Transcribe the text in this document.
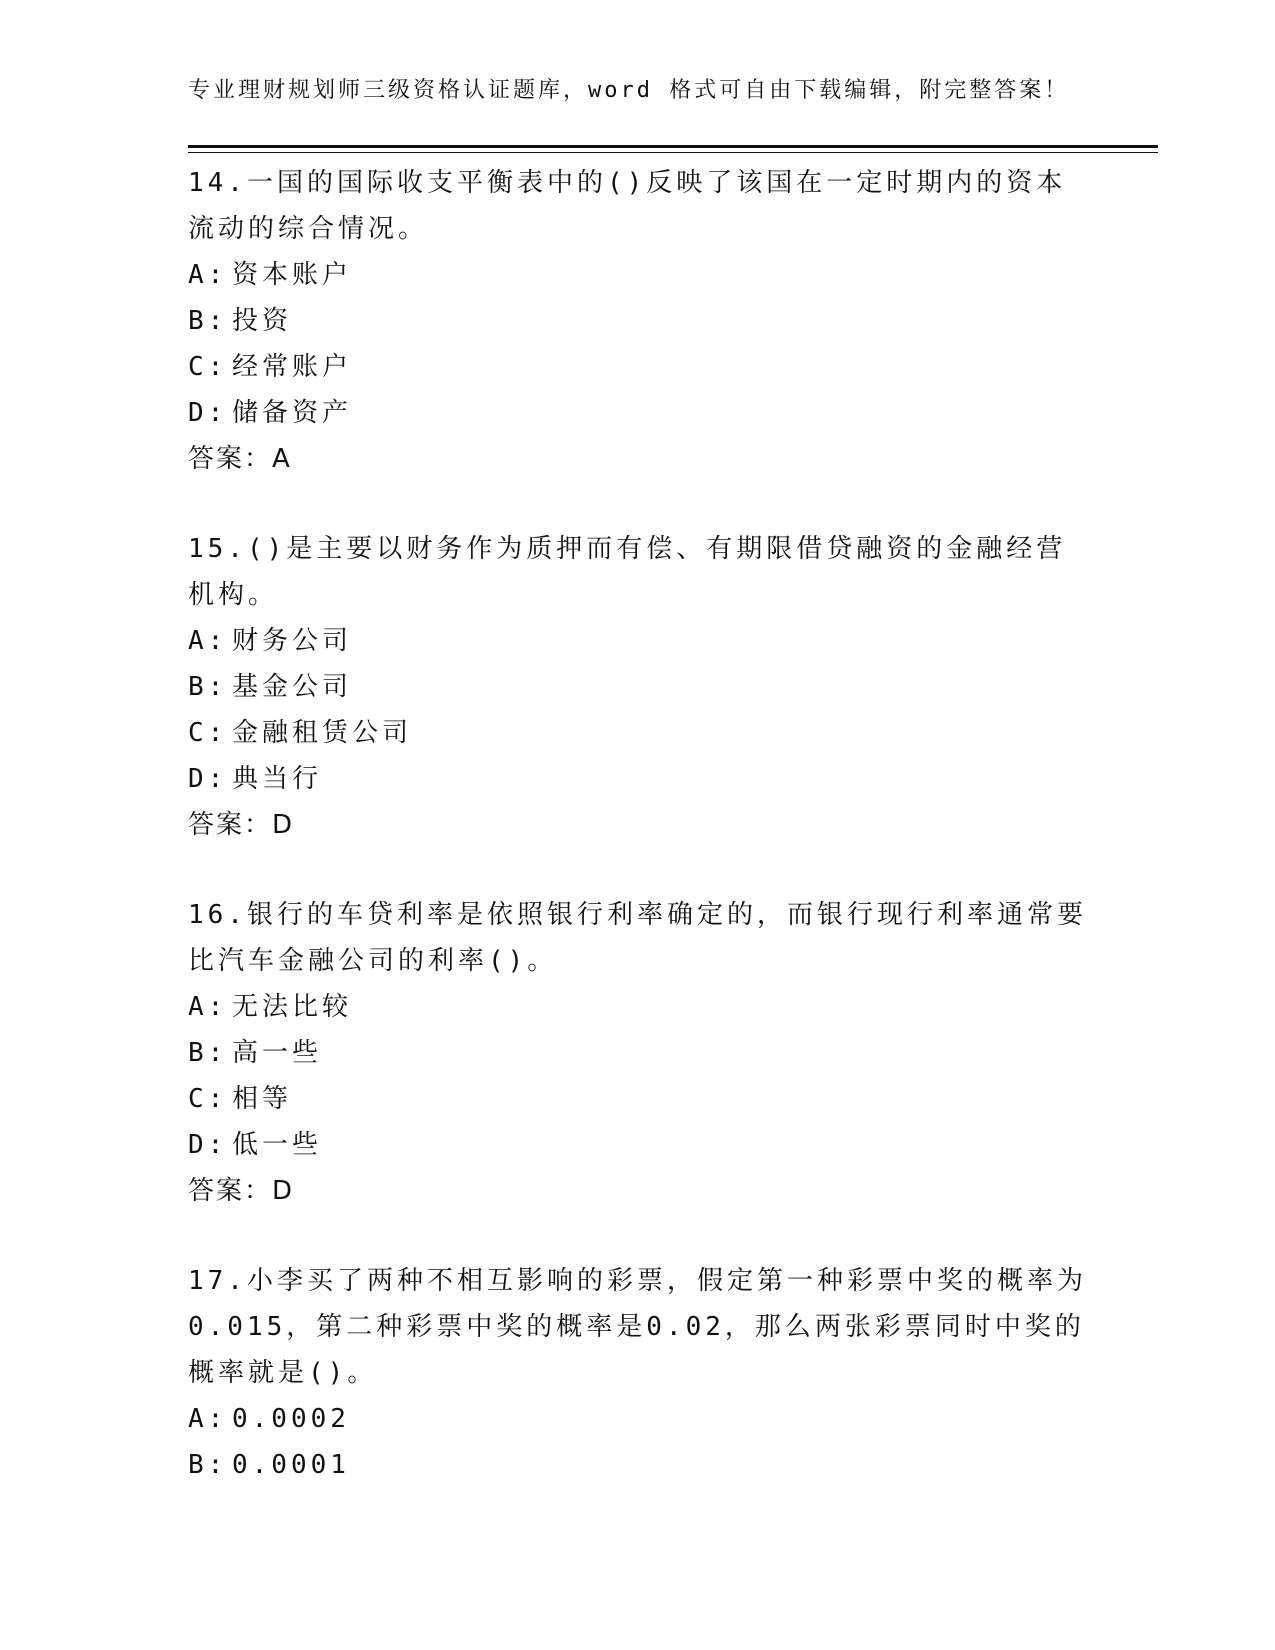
专业理财规划师三级资格认证题库，word 格式可自由下载编辑，附完整答案！

14.一国的国际收支平衡表中的()反映了该国在一定时期内的资本流动的综合情况。

A: 资本账户

B: 投资

C: 经常账户

D: 储备资产

答案：A

15.()是主要以财务作为质押而有偿、有期限借贷融资的金融经营机构。

A: 财务公司

B: 基金公司

C: 金融租赁公司

D: 典当行

答案：D

16.银行的车贷利率是依照银行利率确定的，而银行现行利率通常要比汽车金融公司的利率()。

A: 无法比较

B: 高一些

C: 相等

D: 低一些

答案：D

17.小李买了两种不相互影响的彩票，假定第一种彩票中奖的概率为0.015，第二种彩票中奖的概率是0.02，那么两张彩票同时中奖的概率就是()。

A: 0.0002

B: 0.0001
